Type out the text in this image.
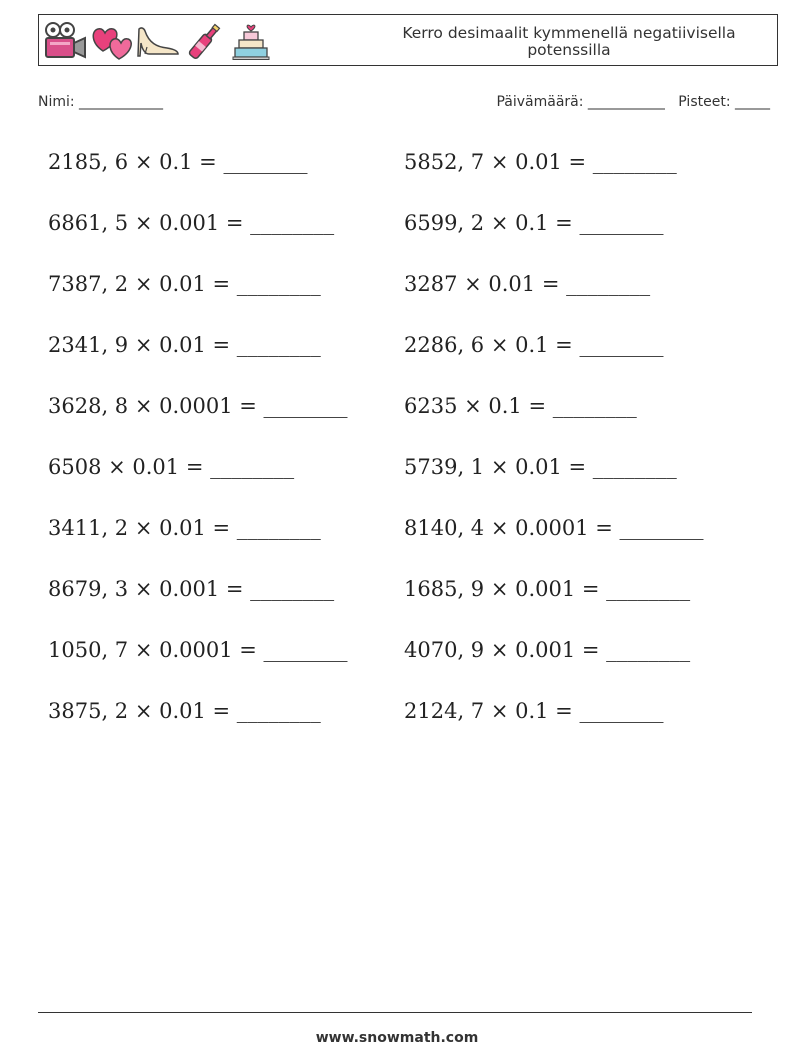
Kerro desimaalit kymmenellä negatiivisella potenssilla
Nimi: ____________	Päivämäärä: ___________ Pisteet: _____
2185, 6 × 0.1 = ________
6861, 5 × 0.001 = ________
7387, 2 × 0.01 = ________
2341, 9 × 0.01 = ________
3628, 8 × 0.0001 = ________
6508 × 0.01 = ________
3411, 2 × 0.01 = ________
8679, 3 × 0.001 = ________
1050, 7 × 0.0001 = ________
3875, 2 × 0.01 = ________
5852, 7 × 0.01 = ________
6599, 2 × 0.1 = ________
3287 × 0.01 = ________
2286, 6 × 0.1 = ________
6235 × 0.1 = ________
5739, 1 × 0.01 = ________
8140, 4 × 0.0001 = ________
1685, 9 × 0.001 = ________
4070, 9 × 0.001 = ________
2124, 7 × 0.1 = ________
www.snowmath.com
